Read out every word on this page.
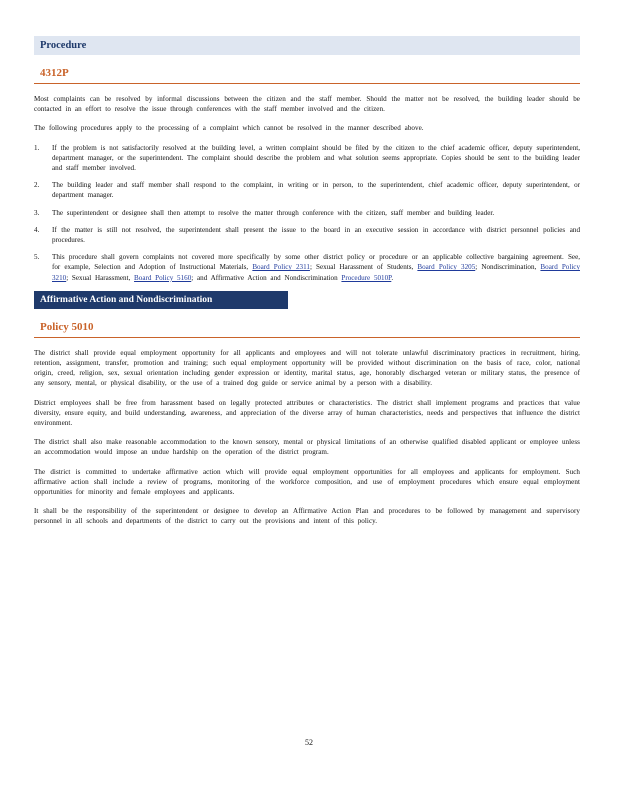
Procedure
4312P

Most complaints can be resolved by informal discussions between the citizen and the staff member. Should the matter not be resolved, the building leader should be contacted in an effort to resolve the issue through conferences with the staff member involved and the citizen.

The following procedures apply to the processing of a complaint which cannot be resolved in the manner described above.

1. If the problem is not satisfactorily resolved at the building level, a written complaint should be filed by the citizen to the chief academic officer, deputy superintendent, department manager, or the superintendent. The complaint should describe the problem and what solution seems appropriate. Copies should be sent to the building leader and staff member involved.
2. The building leader and staff member shall respond to the complaint, in writing or in person, to the superintendent, chief academic officer, deputy superintendent, or department manager.
3. The superintendent or designee shall then attempt to resolve the matter through conference with the citizen, staff member and building leader.
4. If the matter is still not resolved, the superintendent shall present the issue to the board in an executive session in accordance with district personnel policies and procedures.
5. This procedure shall govern complaints not covered more specifically by some other district policy or procedure or an applicable collective bargaining agreement. See, for example, Selection and Adoption of Instructional Materials, Board Policy 2311; Sexual Harassment of Students, Board Policy 3205; Nondiscrimination, Board Policy 3210; Sexual Harassment, Board Policy 5160; and Affirmative Action and Nondiscrimination Procedure 5010P.
Affirmative Action and Nondiscrimination
Policy 5010

The district shall provide equal employment opportunity for all applicants and employees and will not tolerate unlawful discriminatory practices in recruitment, hiring, retention, assignment, transfer, promotion and training; such equal employment opportunity will be provided without discrimination on the basis of race, color, national origin, creed, religion, sex, sexual orientation including gender expression or identity, marital status, age, honorably discharged veteran or military status, the presence of any sensory, mental, or physical disability, or the use of a trained dog guide or service animal by a person with a disability.

District employees shall be free from harassment based on legally protected attributes or characteristics. The district shall implement programs and practices that value diversity, ensure equity, and build understanding, awareness, and appreciation of the diverse array of human characteristics, needs and perspectives that influence the district environment.

The district shall also make reasonable accommodation to the known sensory, mental or physical limitations of an otherwise qualified disabled applicant or employee unless an accommodation would impose an undue hardship on the operation of the district program.

The district is committed to undertake affirmative action which will provide equal employment opportunities for all employees and applicants for employment. Such affirmative action shall include a review of programs, monitoring of the workforce composition, and use of employment procedures which ensure equal employment opportunities for minority and female employees and applicants.

It shall be the responsibility of the superintendent or designee to develop an Affirmative Action Plan and procedures to be followed by management and supervisory personnel in all schools and departments of the district to carry out the provisions and intent of this policy.

52
